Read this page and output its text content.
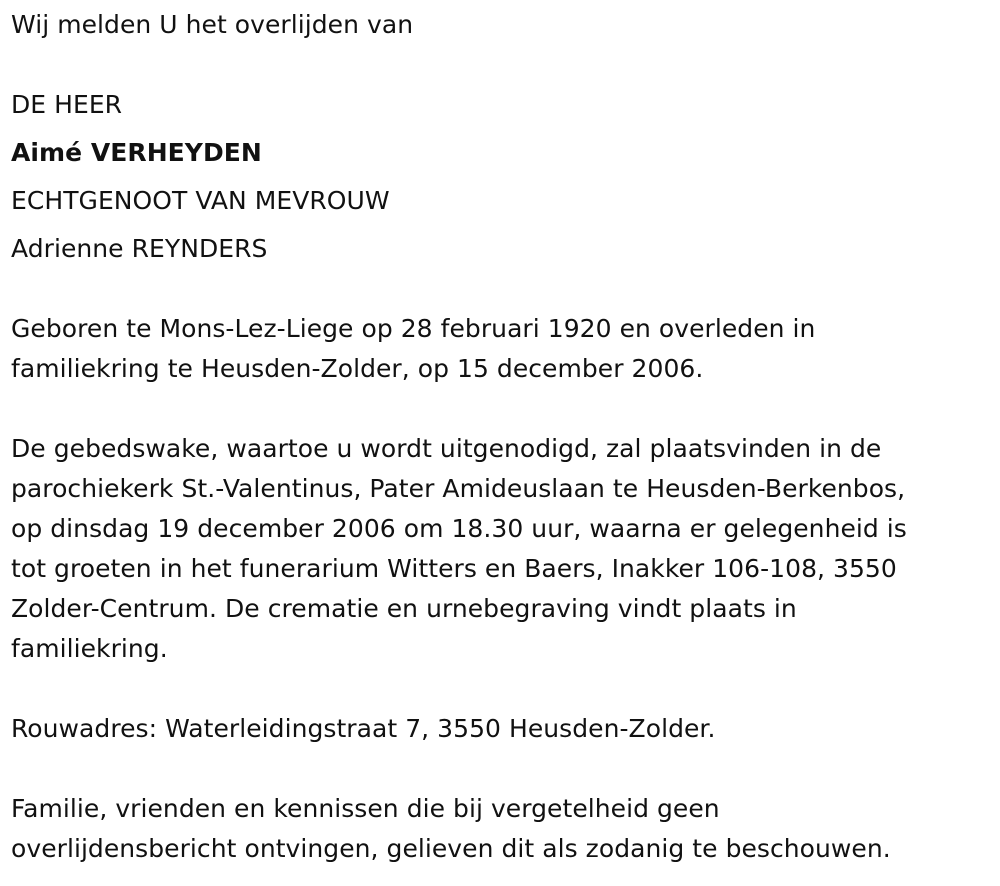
Wij melden U het overlijden van
DE HEER
Aimé VERHEYDEN
ECHTGENOOT VAN MEVROUW
Adrienne REYNDERS
Geboren te Mons-Lez-Liege op 28 februari 1920 en overleden in
familiekring te Heusden-Zolder, op 15 december 2006.
De gebedswake, waartoe u wordt uitgenodigd, zal plaatsvinden in de
parochiekerk St.-Valentinus, Pater Amideuslaan te Heusden-Berkenbos,
op dinsdag 19 december 2006 om 18.30 uur, waarna er gelegenheid is
tot groeten in het funerarium Witters en Baers, Inakker 106-108, 3550
Zolder-Centrum. De crematie en urnebegraving vindt plaats in
familiekring.
Rouwadres: Waterleidingstraat 7, 3550 Heusden-Zolder.
Familie, vrienden en kennissen die bij vergetelheid geen
overlijdensbericht ontvingen, gelieven dit als zodanig te beschouwen.
